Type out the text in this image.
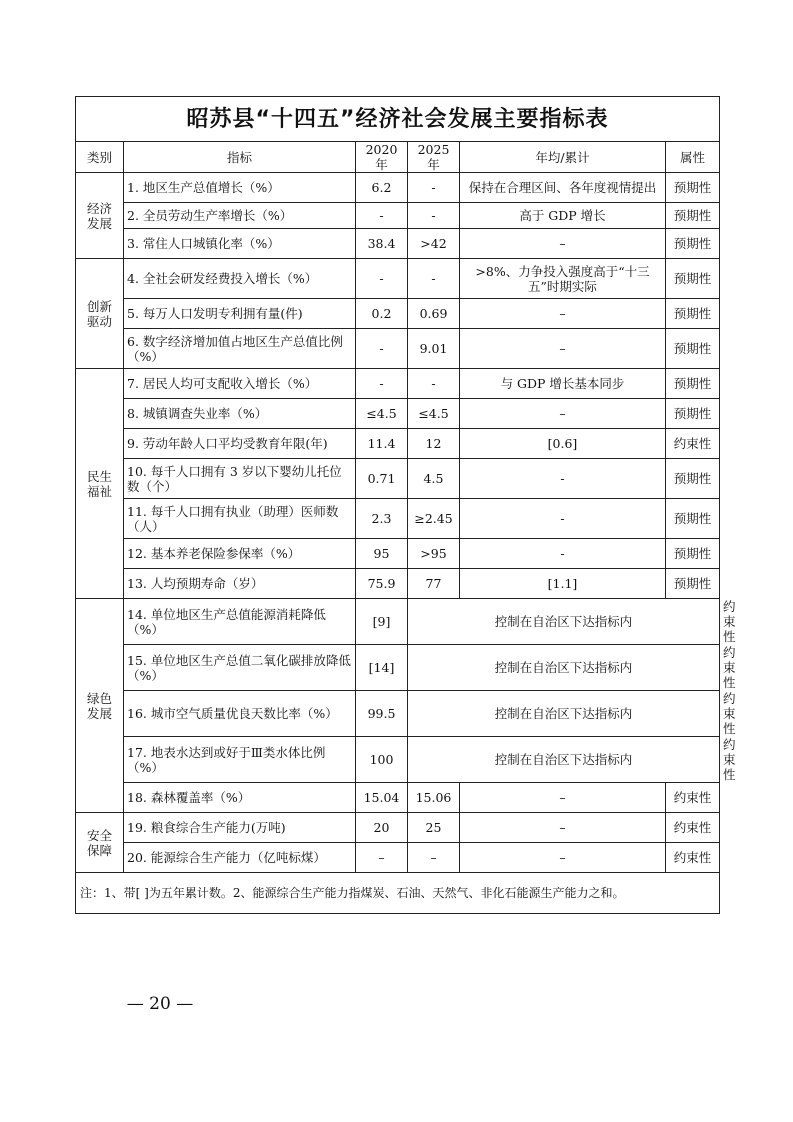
昭苏县“十四五”经济社会发展主要指标表						
类别	指标	2020 年	2025 年	年均/累计	属性	

经济
发展	1. 地区生产总值增长（%）	6.2	-	保持在合理区间、各年度视情提出	预期性	
	2. 全员劳动生产率增长（%）	-	-	高于 GDP 增长	预期性	
	3. 常住人口城镇化率（%）	38.4	>42	–	预期性	

创新
驱动	4. 全社会研发经费投入增长（%）	-	-	>8%、力争投入强度高于“十三五”时期实际	预期性	
	5. 每万人口发明专利拥有量(件)	0.2	0.69	–	预期性	
	6. 数字经济增加值占地区生产总值比例（%）	-	9.01	–	预期性	

民生
福祉	7. 居民人均可支配收入增长（%）	-	-	与 GDP 增长基本同步	预期性	
	8. 城镇调查失业率（%）	≤4.5	≤4.5	–	预期性	
	9. 劳动年龄人口平均受教育年限(年)	11.4	12	[0.6]	约束性	
	10. 每千人口拥有 3 岁以下婴幼儿托位数（个）	0.71	4.5	-	预期性	
	11. 每千人口拥有执业（助理）医师数（人）	2.3	≥2.45	-	预期性	
	12. 基本养老保险参保率（%）	95	>95	-	预期性	
	13. 人均预期寿命（岁）	75.9	77	[1.1]	预期性	

绿色
发展	14. 单位地区生产总值能源消耗降低（%）	[9]	控制在自治区下达指标内			约束性
	15. 单位地区生产总值二氧化碳排放降低（%）	[14]	控制在自治区下达指标内			约束性
	16. 城市空气质量优良天数比率（%）	99.5	控制在自治区下达指标内			约束性
	17. 地表水达到或好于Ⅲ类水体比例（%）	100	控制在自治区下达指标内			约束性
	18. 森林覆盖率（%）	15.04	15.06	–	约束性	

安全
保障	19. 粮食综合生产能力(万吨)	20	25	–	约束性	
	20. 能源综合生产能力（亿吨标煤）	–	–	–	约束性	
注：1、带[ ]为五年累计数。2、能源综合生产能力指煤炭、石油、天然气、非化石能源生产能力之和。						
— 20 —
